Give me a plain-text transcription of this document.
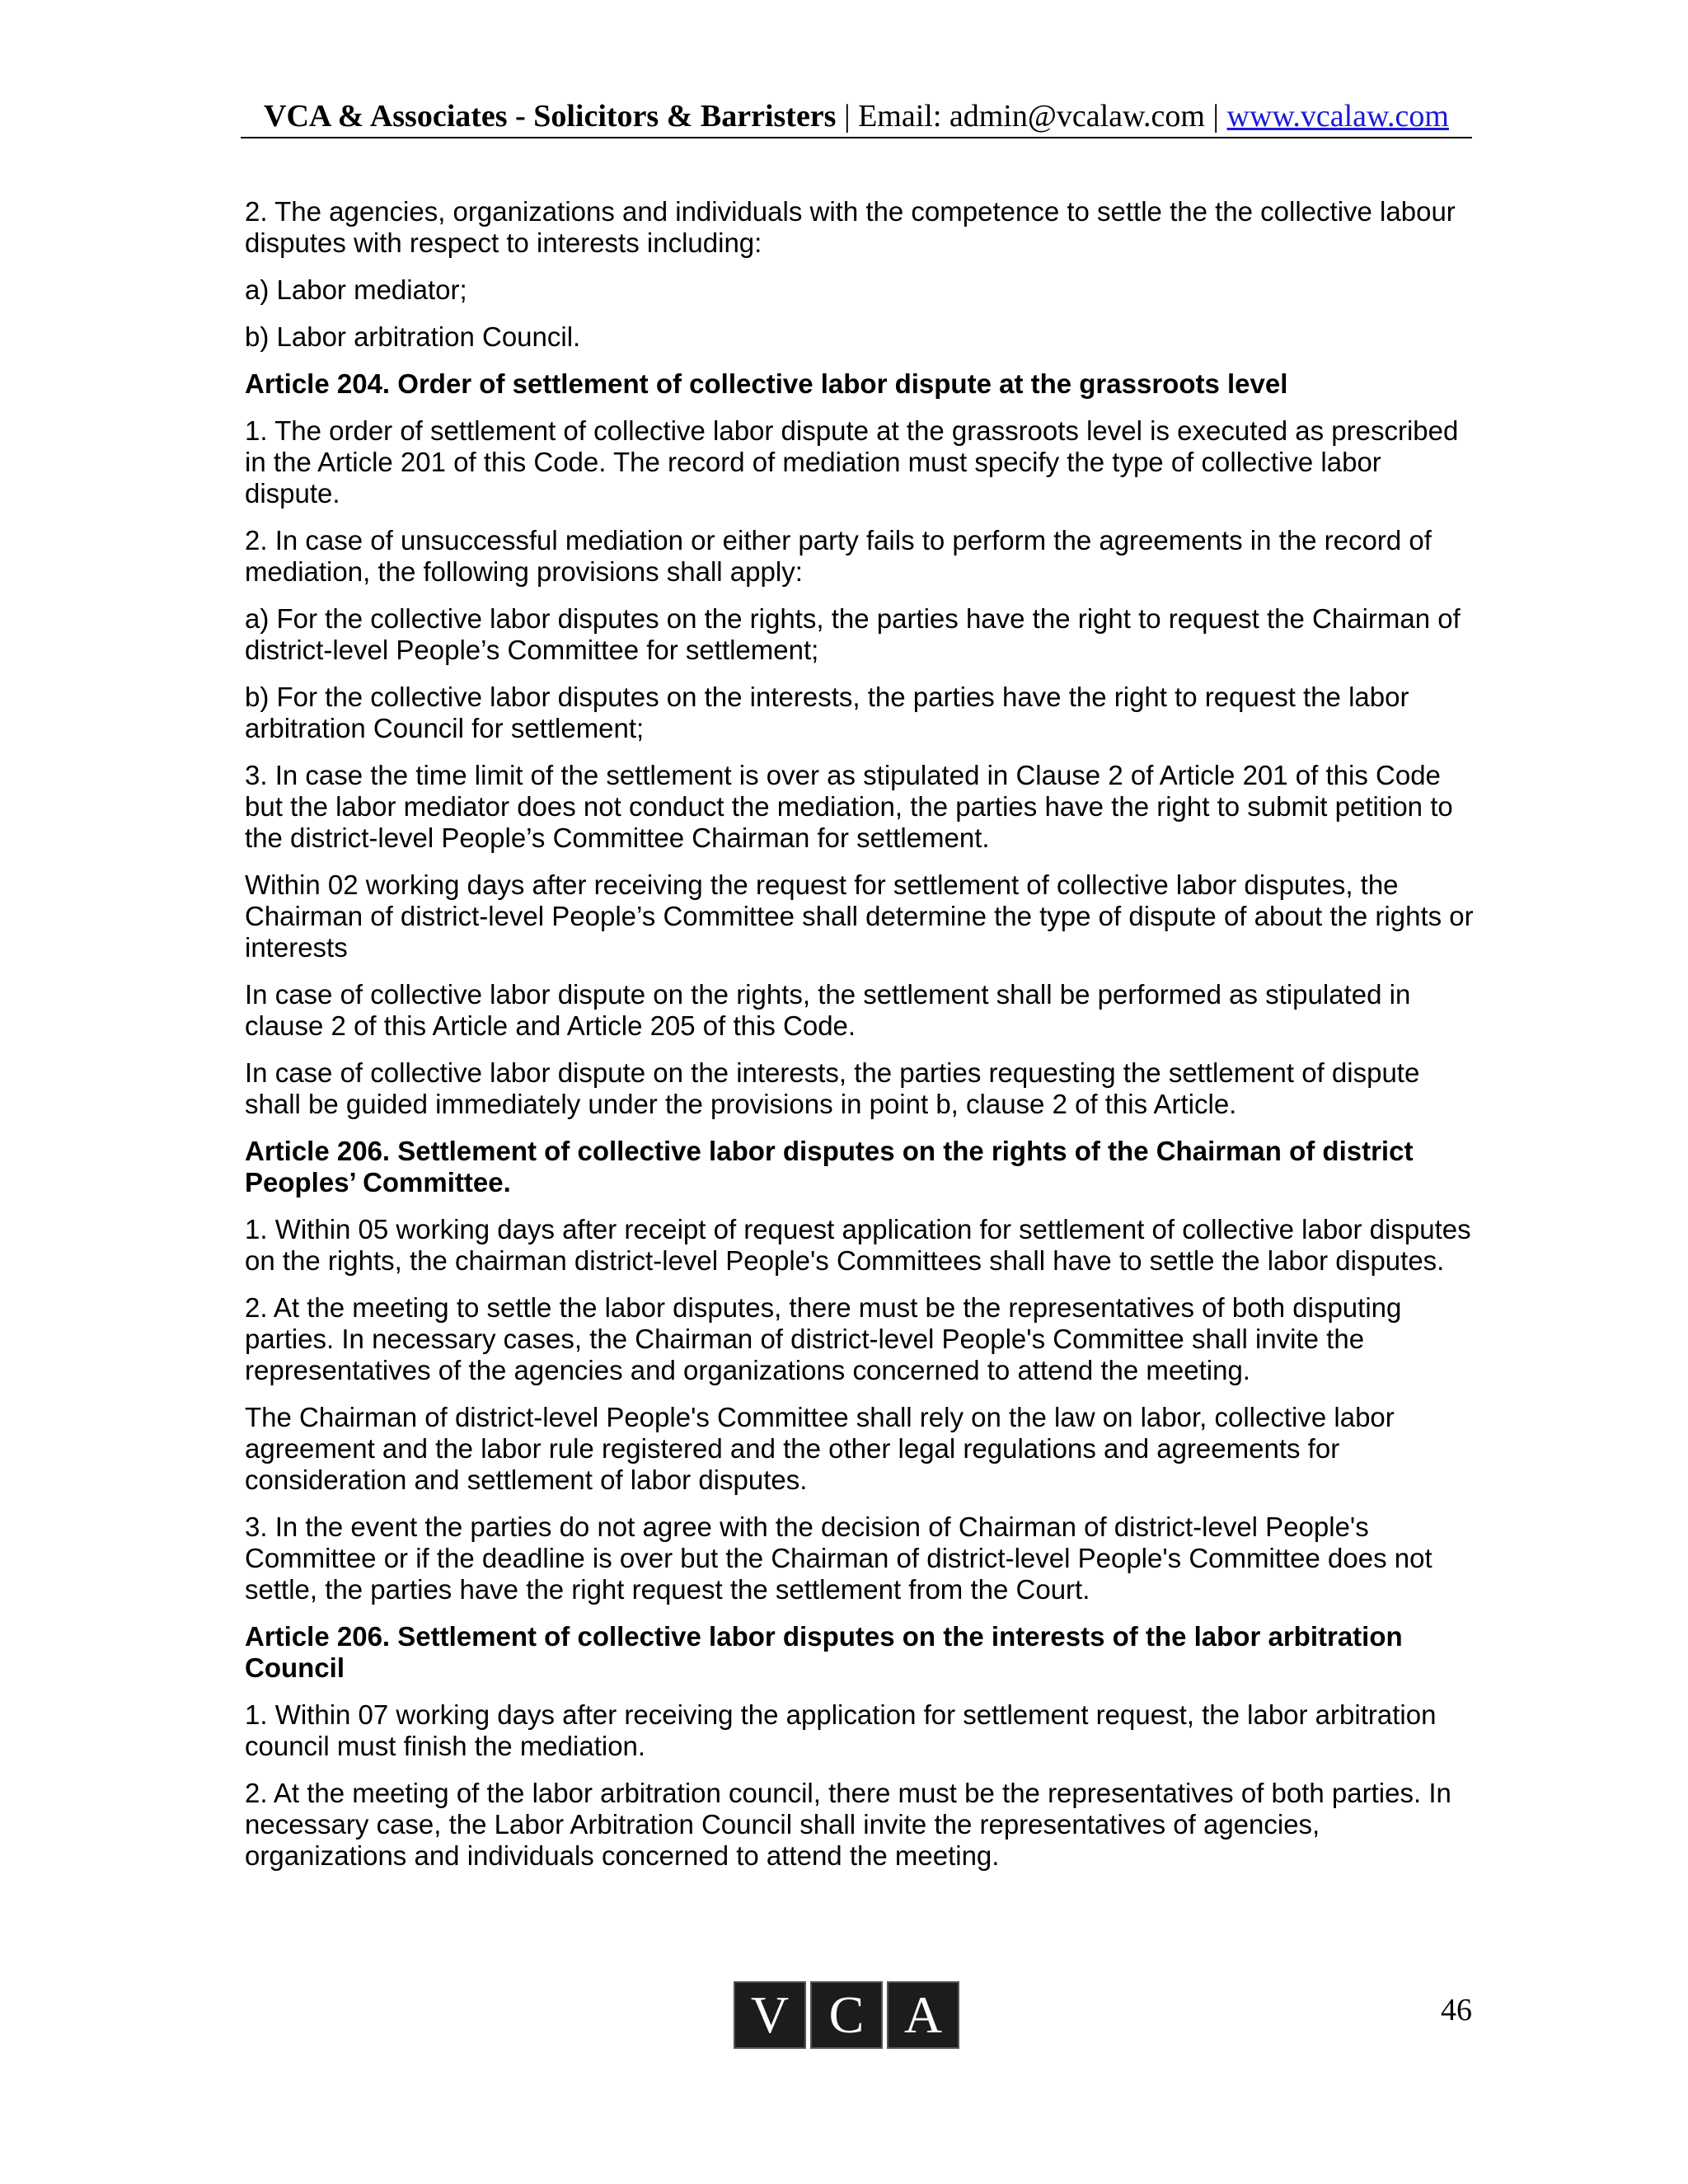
VCA & Associates - Solicitors & Barristers | Email: admin@vcalaw.com | www.vcalaw.com

2. The agencies, organizations and individuals with the competence to settle the the collective labour disputes with respect to interests including:

a) Labor mediator;

b) Labor arbitration Council.

Article 204. Order of settlement of collective labor dispute at the grassroots level

1. The order of settlement of collective labor dispute at the grassroots level is executed as prescribed in the Article 201 of this Code. The record of mediation must specify the type of collective labor dispute.

2. In case of unsuccessful mediation or either party fails to perform the agreements in the record of mediation, the following provisions shall apply:

a) For the collective labor disputes on the rights, the parties have the right to request the Chairman of district-level People’s Committee for settlement;

b) For the collective labor disputes on the interests, the parties have the right to request the labor arbitration Council for settlement;

3. In case the time limit of the settlement is over as stipulated in Clause 2 of Article 201 of this Code but the labor mediator does not conduct the mediation, the parties have the right to submit petition to the district-level People’s Committee Chairman for settlement.

Within 02 working days after receiving the request for settlement of collective labor disputes, the Chairman of district-level People’s Committee shall determine the type of dispute of about the rights or interests

In case of collective labor dispute on the rights, the settlement shall be performed as stipulated in clause 2 of this Article and Article 205 of this Code.

In case of collective labor dispute on the interests, the parties requesting the settlement of dispute shall be guided immediately under the provisions in point b, clause 2 of this Article.

Article 206. Settlement of collective labor disputes on the rights of the Chairman of district Peoples’ Committee.

1. Within 05 working days after receipt of request application for settlement of collective labor disputes on the rights, the chairman district-level People's Committees shall have to settle the labor disputes.

2. At the meeting to settle the labor disputes, there must be the representatives of both disputing parties. In necessary cases, the Chairman of district-level People's Committee shall invite the representatives of the agencies and organizations concerned to attend the meeting.

The Chairman of district-level People's Committee shall rely on the law on labor, collective labor agreement and the labor rule registered and the other legal regulations and agreements for consideration and settlement of labor disputes.

3. In the event the parties do not agree with the decision of Chairman of district-level People's Committee or if the deadline is over but the Chairman of district-level People's Committee does not settle, the parties have the right request the settlement from the Court.

Article 206. Settlement of collective labor disputes on the interests of the labor arbitration Council

1. Within 07 working days after receiving the application for settlement request, the labor arbitration council must finish the mediation.

2. At the meeting of the labor arbitration council, there must be the representatives of both parties. In necessary case, the Labor Arbitration Council shall invite the representatives of agencies, organizations and individuals concerned to attend the meeting.

V C A	46
